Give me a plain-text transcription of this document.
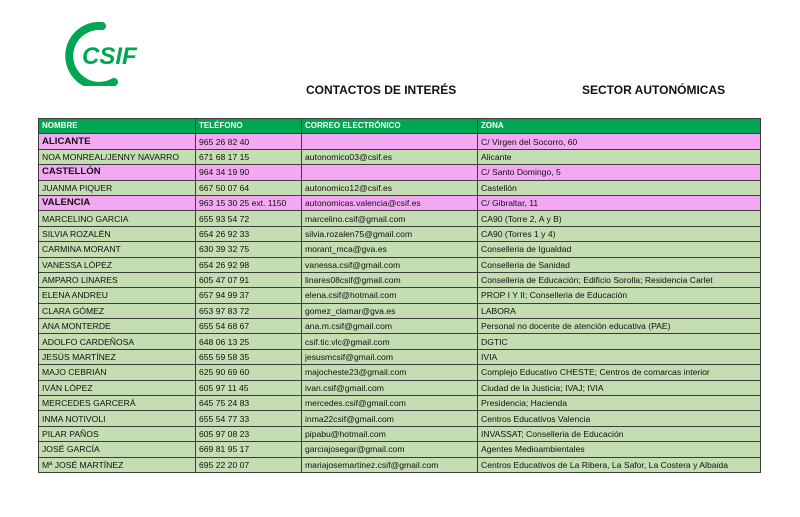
CSIF
CONTACTOS DE INTERÉS	SECTOR AUTONÓMICAS
NOMBRE	TELÉFONO	CORREO ELECTRÓNICO	ZONA
ALICANTE	965 26 82 40		C/ Virgen del Socorro, 60
NOA MONREAL/JENNY NAVARRO	671 68 17 15	autonomico03@csif.es	Alicante
CASTELLÓN	964 34 19 90		C/ Santo Domingo, 5
JUANMA PIQUER	667 50 07 64	autonomico12@csif.es	Castellón
VALENCIA	963 15 30 25 ext. 1150	autonomicas.valencia@csif.es	C/ Gibraltar, 11
MARCELINO GARCIA	655 93 54 72	marcelino.csif@gmail.com	CA90 (Torre 2, A y B)
SILVIA ROZALÉN	654 26 92 33	silvia.rozalen75@gmail.com	CA90 (Torres 1 y 4)
CARMINA MORANT	630 39 32 75	morant_mca@gva.es	Conselleria de Igualdad
VANESSA LÓPEZ	654 26 92 98	vanessa.csif@gmail.com	Conselleria de Sanidad
AMPARO LINARES	605 47 07 91	linares08csif@gmail.com	Conselleria de Educación; Edificio Sorolla; Residencia Carlet
ELENA ANDREU	657 94 99 37	elena.csif@hotmail.com	PROP I Y II; Conselleria de Educación
CLARA GÓMEZ	653 97 83 72	gomez_clamar@gva.es	LABORA
ANA MONTERDE	655 54 68 67	ana.m.csif@gmail.com	Personal no docente de atención educativa (PAE)
ADOLFO CARDEÑOSA	648 06 13 25	csif.tic.vlc@gmail.com	DGTIC
JESÚS MARTÍNEZ	655 59 58 35	jesusmcsif@gmail.com	IVIA
MAJO CEBRIÁN	625 90 69 60	majocheste23@gmail.com	Complejo Educativo CHESTE; Centros de comarcas interior
IVÁN LÓPEZ	605 97 11 45	ivan.csif@gmail.com	Ciudad de la Justicia; IVAJ; IVIA
MERCEDES GARCERÁ	645 75 24 83	mercedes.csif@gmail.com	Presidencia; Hacienda
INMA NOTIVOLI	655 54 77 33	inma22csif@gmail.com	Centros Educativos Valencia
PILAR PAÑOS	605 97 08 23	pipabu@hotmail.com	INVASSAT; Conselleria de Educación
JOSÉ GARCÍA	669 81 95 17	garciajosegar@gmail.com	Agentes Medioambientales
Mª JOSÉ MARTÍNEZ	695 22 20 07	mariajosemartinez.csif@gmail.com	Centros Educativos de La Ribera, La Safor, La Costera y Albaida
